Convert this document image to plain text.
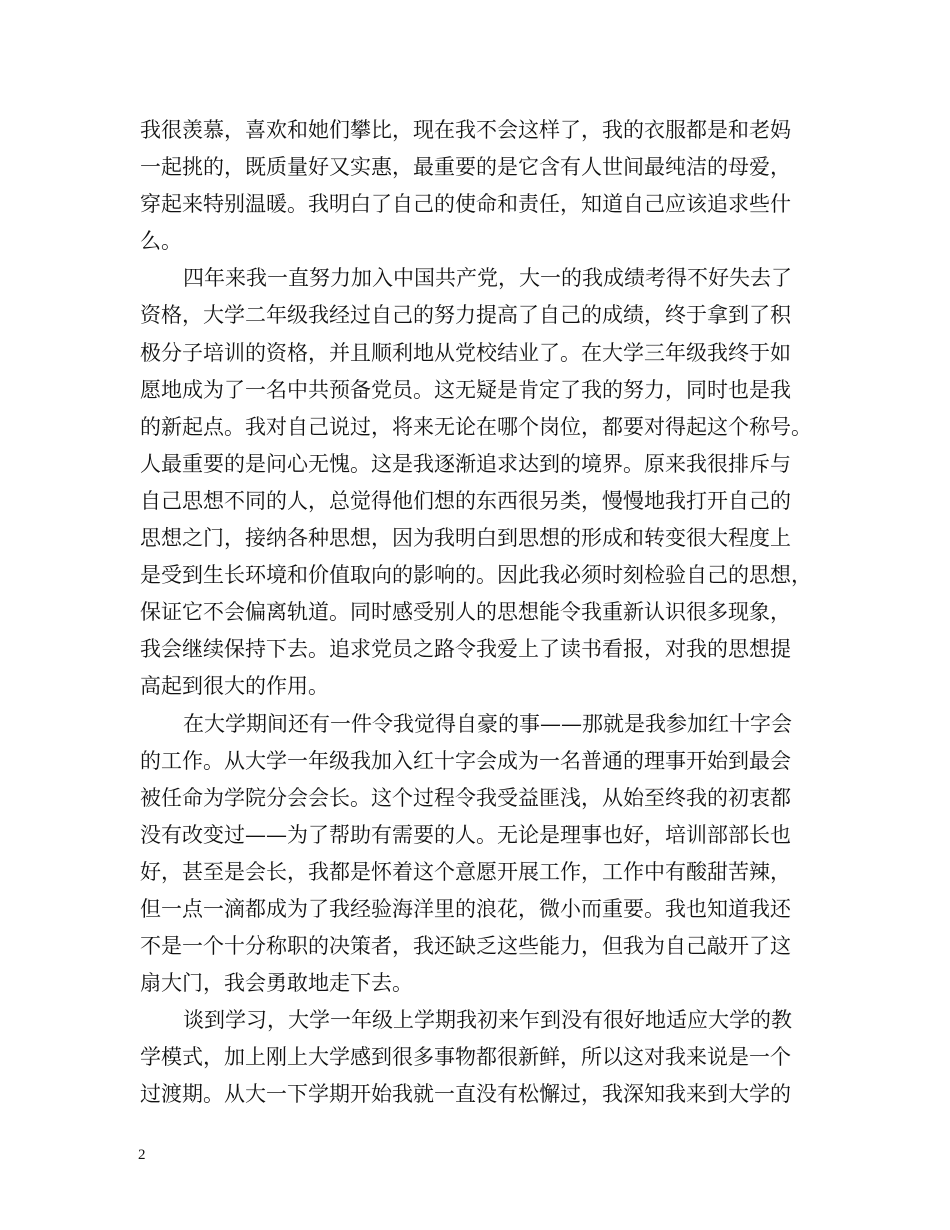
我很羡慕，喜欢和她们攀比，现在我不会这样了，我的衣服都是和老妈
一起挑的，既质量好又实惠，最重要的是它含有人世间最纯洁的母爱，
穿起来特别温暖。我明白了自己的使命和责任，知道自己应该追求些什
么。
四年来我一直努力加入中国共产党，大一的我成绩考得不好失去了
资格，大学二年级我经过自己的努力提高了自己的成绩，终于拿到了积
极分子培训的资格，并且顺利地从党校结业了。在大学三年级我终于如
愿地成为了一名中共预备党员。这无疑是肯定了我的努力，同时也是我
的新起点。我对自己说过，将来无论在哪个岗位，都要对得起这个称号。
人最重要的是问心无愧。这是我逐渐追求达到的境界。原来我很排斥与
自己思想不同的人，总觉得他们想的东西很另类，慢慢地我打开自己的
思想之门，接纳各种思想，因为我明白到思想的形成和转变很大程度上
是受到生长环境和价值取向的影响的。因此我必须时刻检验自己的思想，
保证它不会偏离轨道。同时感受别人的思想能令我重新认识很多现象，
我会继续保持下去。追求党员之路令我爱上了读书看报，对我的思想提
高起到很大的作用。
在大学期间还有一件令我觉得自豪的事——那就是我参加红十字会
的工作。从大学一年级我加入红十字会成为一名普通的理事开始到最会
被任命为学院分会会长。这个过程令我受益匪浅，从始至终我的初衷都
没有改变过——为了帮助有需要的人。无论是理事也好，培训部部长也
好，甚至是会长，我都是怀着这个意愿开展工作，工作中有酸甜苦辣，
但一点一滴都成为了我经验海洋里的浪花，微小而重要。我也知道我还
不是一个十分称职的决策者，我还缺乏这些能力，但我为自己敲开了这
扇大门，我会勇敢地走下去。
谈到学习，大学一年级上学期我初来乍到没有很好地适应大学的教
学模式，加上刚上大学感到很多事物都很新鲜，所以这对我来说是一个
过渡期。从大一下学期开始我就一直没有松懈过，我深知我来到大学的
2
